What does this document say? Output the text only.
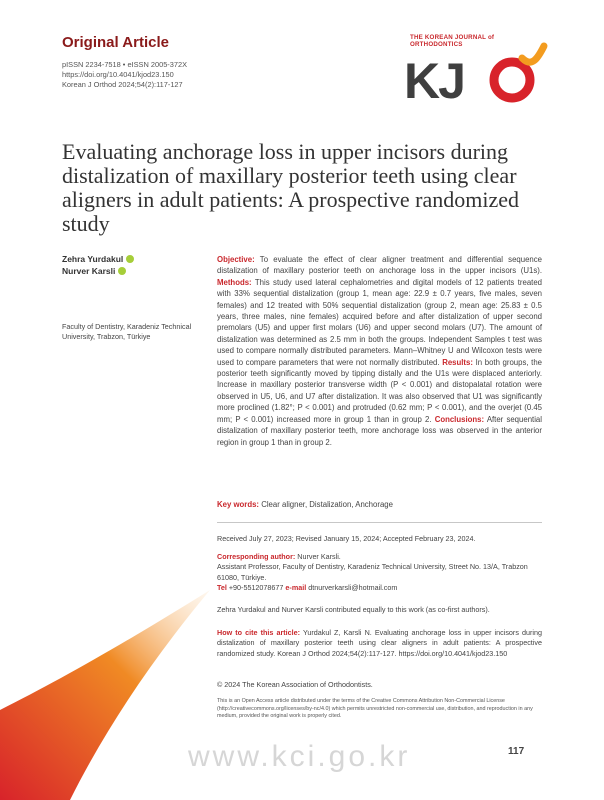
Original Article
pISSN 2234-7518 • eISSN 2005-372X
https://doi.org/10.4041/kjod23.150
Korean J Orthod 2024;54(2):117-127
THE KOREAN JOURNAL of
ORTHODONTICS
KJ
Evaluating anchorage loss in upper incisors during distalization of maxillary posterior teeth using clear aligners in adult patients: A prospective randomized study
Zehra Yurdakul
Nurver Karsli
Faculty of Dentistry, Karadeniz Technical University, Trabzon, Türkiye
Objective: To evaluate the effect of clear aligner treatment and differential sequence distalization of maxillary posterior teeth on anchorage loss in the upper incisors (U1s). Methods: This study used lateral cephalometries and digital models of 12 patients treated with 33% sequential distalization (group 1, mean age: 22.9 ± 0.7 years, five males, seven females) and 12 treated with 50% sequential distalization (group 2, mean age: 25.83 ± 0.5 years, three males, nine females) acquired before and after distalization of upper second premolars (U5) and upper first molars (U6) and upper second molars (U7). The amount of distalization was determined as 2.5 mm in both the groups. Independent Samples t test was used to compare normally distributed parameters. Mann–Whitney U and Wilcoxon tests were used to compare parameters that were not normally distributed. Results: In both groups, the posterior teeth significantly moved by tipping distally and the U1s were displaced anteriorly. Increase in maxillary posterior transverse width (P < 0.001) and distopalatal rotation were observed in U5, U6, and U7 after distalization. It was also observed that U1 was significantly more proclined (1.82°; P < 0.001) and protruded (0.62 mm; P < 0.001), and the overjet (0.45 mm; P < 0.001) increased more in group 1 than in group 2. Conclusions: After sequential distalization of maxillary posterior teeth, more anchorage loss was observed in the anterior region in group 1 than in group 2.
Key words: Clear aligner, Distalization, Anchorage
Received July 27, 2023; Revised January 15, 2024; Accepted February 23, 2024.
Corresponding author: Nurver Karsli.
Assistant Professor, Faculty of Dentistry, Karadeniz Technical University, Street No. 13/A, Trabzon 61080, Türkiye.
Tel +90-5512078677 e-mail dtnurverkarsli@hotmail.com
Zehra Yurdakul and Nurver Karsli contributed equally to this work (as co-first authors).
How to cite this article: Yurdakul Z, Karsli N. Evaluating anchorage loss in upper incisors during distalization of maxillary posterior teeth using clear aligners in adult patients: A prospective randomized study. Korean J Orthod 2024;54(2):117-127. https://doi.org/10.4041/kjod23.150
© 2024 The Korean Association of Orthodontists.
This is an Open Access article distributed under the terms of the Creative Commons Attribution Non-Commercial License (http://creativecommons.org/licenses/by-nc/4.0) which permits unrestricted non-commercial use, distribution, and reproduction in any medium, provided the original work is properly cited.
www.kci.go.kr	117
